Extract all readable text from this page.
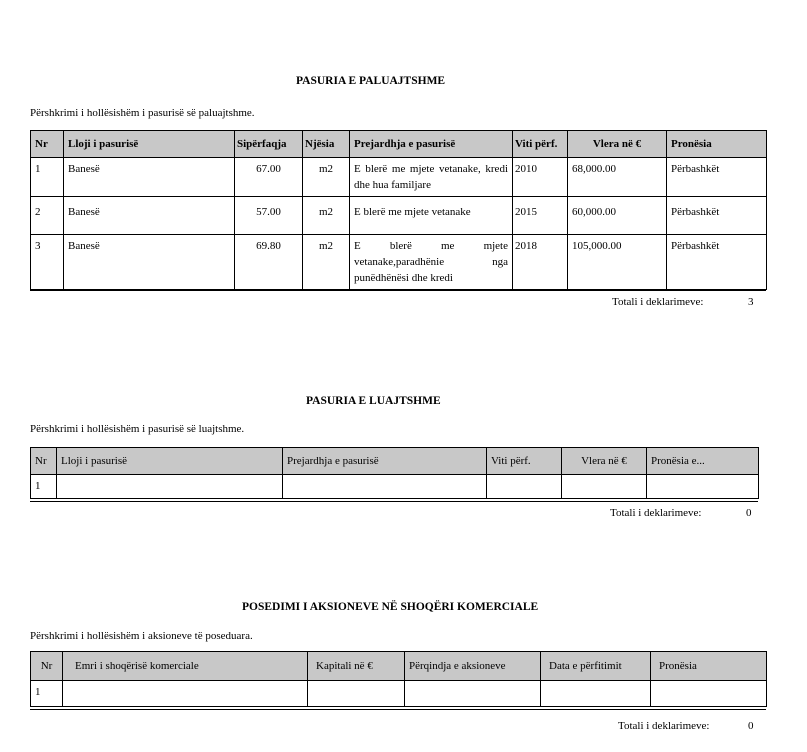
PASURIA E PALUAJTSHME
Përshkrimi i hollësishëm i pasurisë së paluajtshme.
Nr	Lloji i pasurisë	Sipërfaqja	Njësia	Prejardhja e pasurisë	Viti përf.	Vlera në €	Pronësia
1	Banesë	67.00	m2	E blerë me mjete vetanake, kredi dhe hua familjare	2010	68,000.00	Përbashkët
2	Banesë	57.00	m2	E blerë me mjete vetanake	2015	60,000.00	Përbashkët
3	Banesë	69.80	m2	E blerë me mjete vetanake,paradhënie nga punëdhënësi dhe kredi	2018	105,000.00	Përbashkët
Totali i deklarimeve:	3
PASURIA E LUAJTSHME
Përshkrimi i hollësishëm i pasurisë së luajtshme.
Nr	Lloji i pasurisë	Prejardhja e pasurisë	Viti përf.	Vlera në €	Pronësia e...
1					
Totali i deklarimeve:	0
POSEDIMI I AKSIONEVE NË SHOQËRI KOMERCIALE
Përshkrimi i hollësishëm i aksioneve të poseduara.
Nr	Emri i shoqërisë komerciale	Kapitali në €	Përqindja e aksioneve	Data e përfitimit	Pronësia
1					
Totali i deklarimeve:	0
